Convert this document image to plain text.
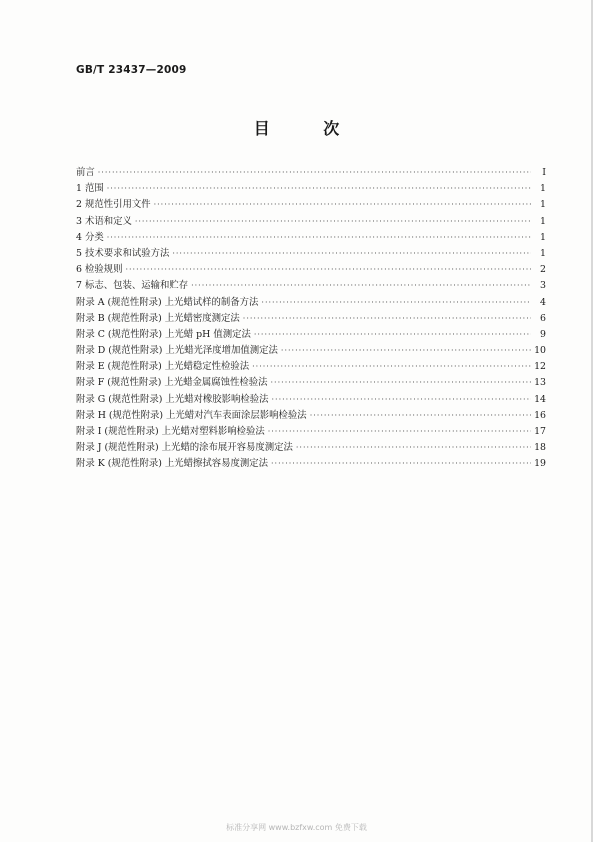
GB/T 23437—2009
目 次
前言 ·····	Ⅰ
1 范围 ·····	1
2 规范性引用文件 ·····	1
3 术语和定义 ·····	1
4 分类 ·····	1
5 技术要求和试验方法 ·····	1
6 检验规则 ·····	2
7 标志、包装、运输和贮存 ·····	3
附录 A (规范性附录) 上光蜡试样的制备方法 ·····	4
附录 B (规范性附录) 上光蜡密度测定法 ·····	6
附录 C (规范性附录) 上光蜡 pH 值测定法 ·····	9
附录 D (规范性附录) 上光蜡光泽度增加值测定法 ·····	10
附录 E (规范性附录) 上光蜡稳定性检验法 ·····	12
附录 F (规范性附录) 上光蜡金属腐蚀性检验法 ·····	13
附录 G (规范性附录) 上光蜡对橡胶影响检验法 ·····	14
附录 H (规范性附录) 上光蜡对汽车表面涂层影响检验法 ·····	16
附录 I (规范性附录) 上光蜡对塑料影响检验法 ·····	17
附录 J (规范性附录) 上光蜡的涂布展开容易度测定法 ·····	18
附录 K (规范性附录) 上光蜡擦拭容易度测定法 ·····	19
标准分享网 www.bzfxw.com 免费下载
